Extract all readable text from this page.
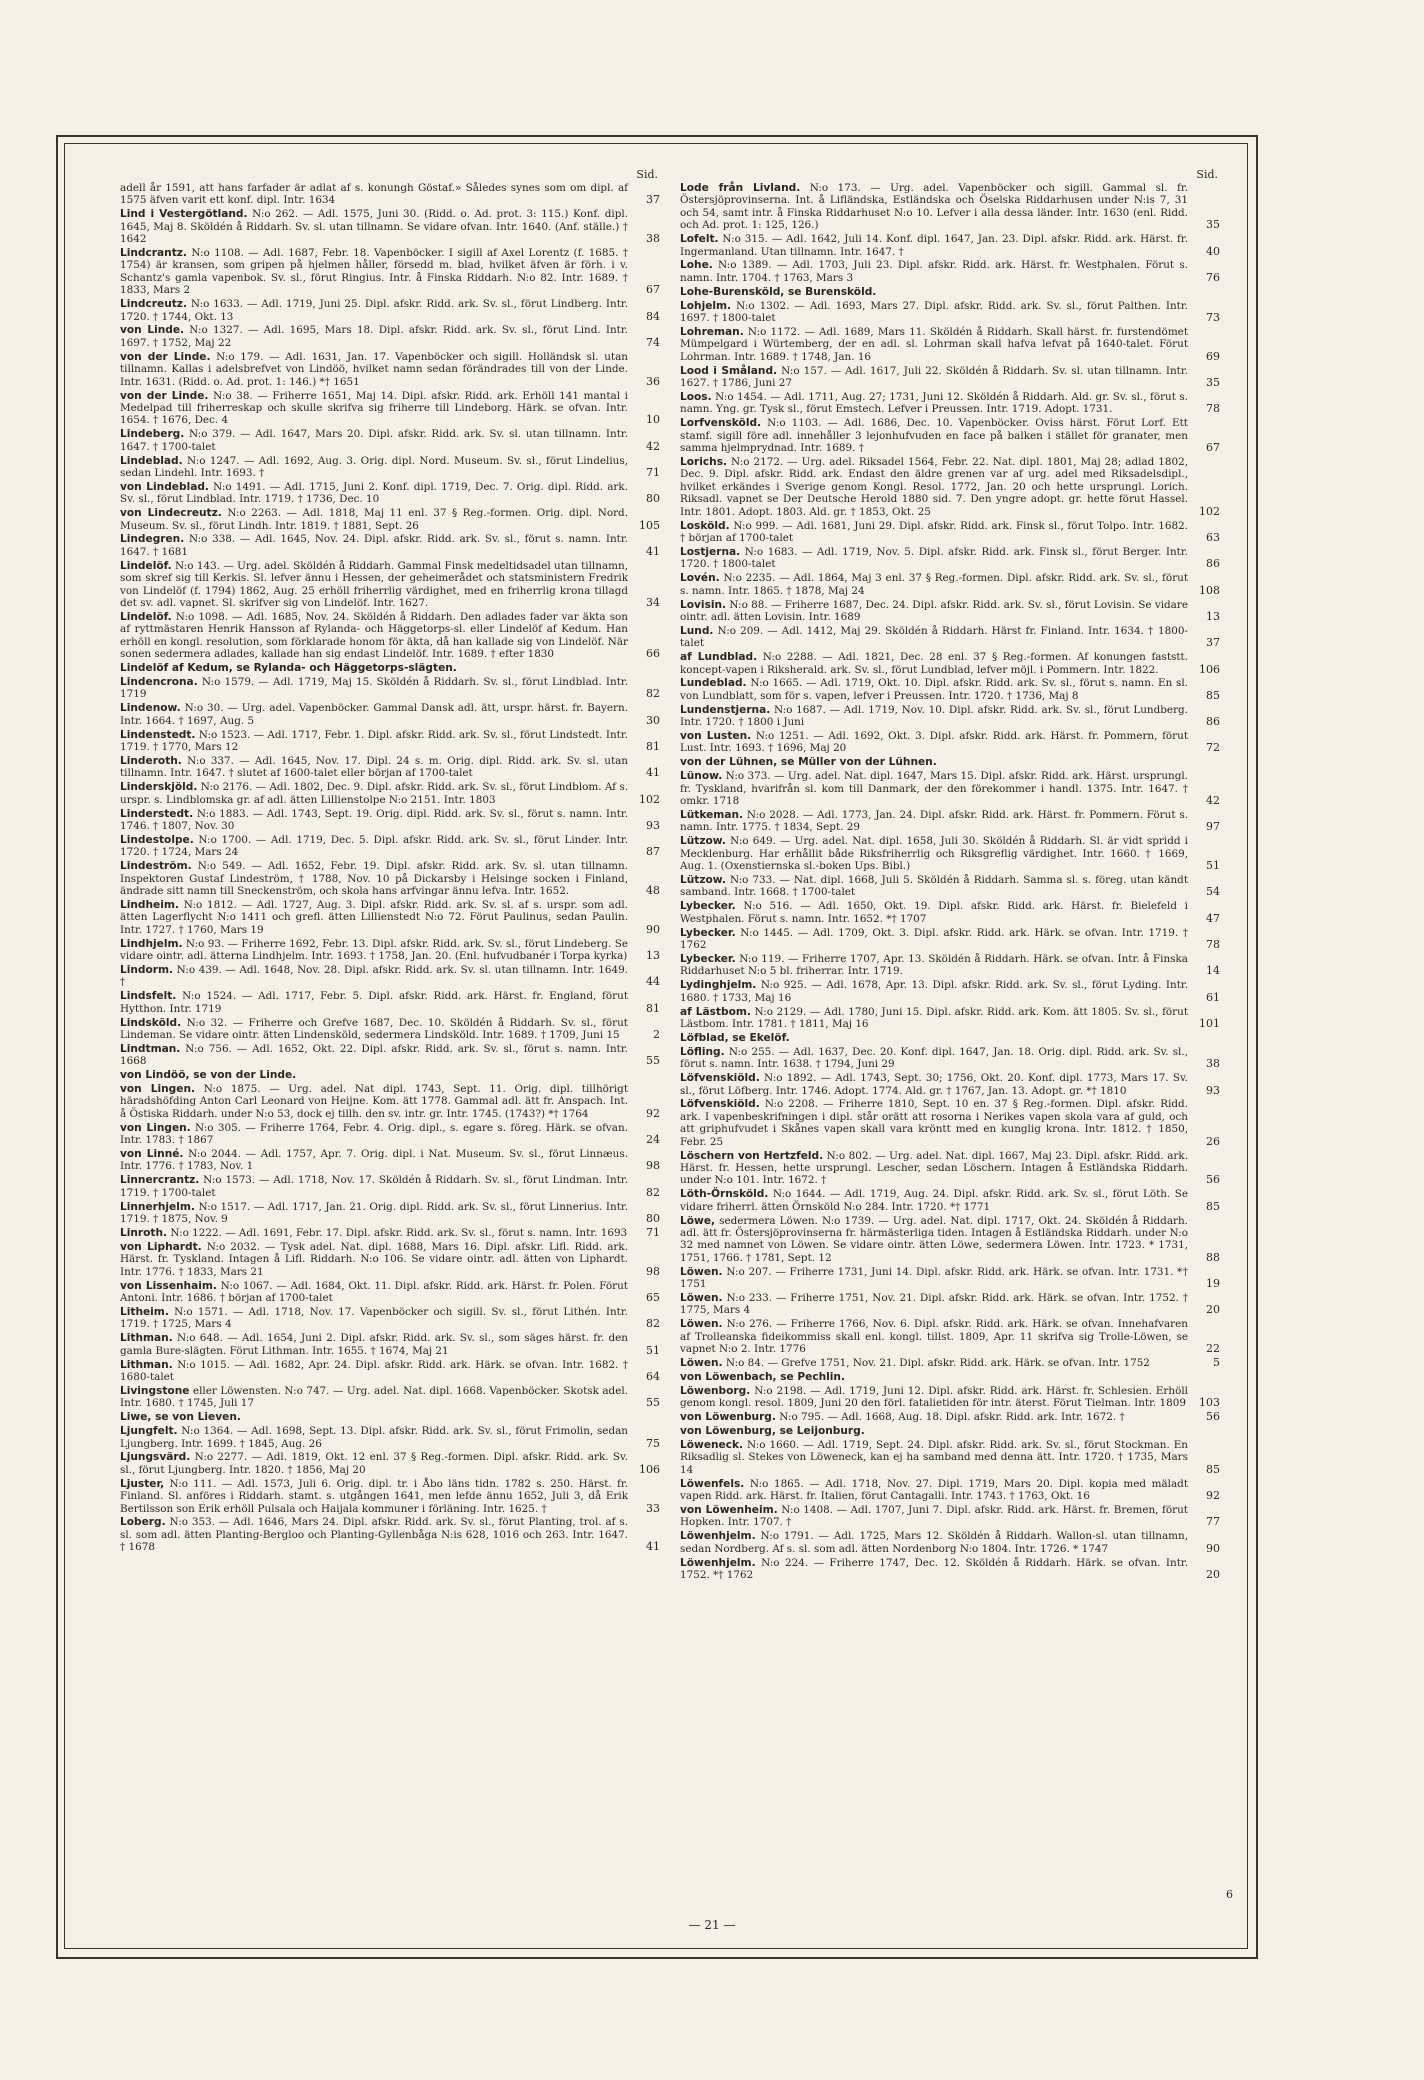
Sid.
adell år 1591, att hans farfader är adlat af s. konungh Göstaf.» Således synes som om dipl. af 1575 äfven varit ett konf. dipl. Intr. 1634	37
Lind i Vestergötland. N:o 262. — Adl. 1575, Juni 30. (Ridd. o. Ad. prot. 3: 115.) Konf. dipl. 1645, Maj 8. Sköldén å Riddarh. Sv. sl. utan tillnamn. Se vidare ofvan. Intr. 1640. (Anf. ställe.) † 1642	38
Lindcrantz. N:o 1108. — Adl. 1687, Febr. 18. Vapenböcker. I sigill af Axel Lorentz (f. 1685. † 1754) är kransen, som gripen på hjelmen håller, försedd m. blad, hvilket äfven är förh. i v. Schantz's gamla vapenbok. Sv. sl., förut Ringius. Intr. å Finska Riddarh. N:o 82. Intr. 1689. † 1833, Mars 2	67
Lindcreutz. N:o 1633. — Adl. 1719, Juni 25. Dipl. afskr. Ridd. ark. Sv. sl., förut Lindberg. Intr. 1720. † 1744, Okt. 13	84
von Linde. N:o 1327. — Adl. 1695, Mars 18. Dipl. afskr. Ridd. ark. Sv. sl., förut Lind. Intr. 1697. † 1752, Maj 22	74
von der Linde. N:o 179. — Adl. 1631, Jan. 17. Vapenböcker och sigill. Holländsk sl. utan tillnamn. Kallas i adelsbrefvet von Lindöö, hvilket namn sedan förändrades till von der Linde. Intr. 1631. (Ridd. o. Ad. prot. 1: 146.) *† 1651	36
von der Linde. N:o 38. — Friherre 1651, Maj 14. Dipl. afskr. Ridd. ark. Erhöll 141 mantal i Medelpad till friherreskap och skulle skrifva sig friherre till Lindeborg. Härk. se ofvan. Intr. 1654. † 1676, Dec. 4	10
Lindeberg. N:o 379. — Adl. 1647, Mars 20. Dipl. afskr. Ridd. ark. Sv. sl. utan tillnamn. Intr. 1647. † 1700-talet	42
Lindeblad. N:o 1247. — Adl. 1692, Aug. 3. Orig. dipl. Nord. Museum. Sv. sl., förut Lindelius, sedan Lindehl. Intr. 1693. †	71
von Lindeblad. N:o 1491. — Adl. 1715, Juni 2. Konf. dipl. 1719, Dec. 7. Orig. dipl. Ridd. ark. Sv. sl., förut Lindblad. Intr. 1719. † 1736, Dec. 10	80
von Lindecreutz. N:o 2263. — Adl. 1818, Maj 11 enl. 37 § Reg.-formen. Orig. dipl. Nord. Museum. Sv. sl., förut Lindh. Intr. 1819. † 1881, Sept. 26	105
Lindegren. N:o 338. — Adl. 1645, Nov. 24. Dipl. afskr. Ridd. ark. Sv. sl., förut s. namn. Intr. 1647. † 1681	41
Lindelöf. N:o 143. — Urg. adel. Sköldén å Riddarh. Gammal Finsk medeltidsadel utan tillnamn, som skref sig till Kerkis. Sl. lefver ännu i Hessen, der geheimerådet och statsministern Fredrik von Lindelöf (f. 1794) 1862, Aug. 25 erhöll friherrlig värdighet, med en friherrlig krona tillagd det sv. adl. vapnet. Sl. skrifver sig von Lindelöf. Intr. 1627.	34
Lindelöf. N:o 1098. — Adl. 1685, Nov. 24. Sköldén å Riddarh. Den adlades fader var äkta son af ryttmästaren Henrik Hansson af Rylanda- och Häggetorps-sl. eller Lindelöf af Kedum. Han erhöll en kongl. resolution, som förklarade honom för äkta, då han kallade sig von Lindelöf. När sonen sedermera adlades, kallade han sig endast Lindelöf. Intr. 1689. † efter 1830	66
Lindelöf af Kedum, se Rylanda- och Häggetorps-slägten.
Lindencrona. N:o 1579. — Adl. 1719, Maj 15. Sköldén å Riddarh. Sv. sl., förut Lindblad. Intr. 1719	82
Lindenow. N:o 30. — Urg. adel. Vapenböcker. Gammal Dansk adl. ätt, urspr. härst. fr. Bayern. Intr. 1664. † 1697, Aug. 5	30
Lindenstedt. N:o 1523. — Adl. 1717, Febr. 1. Dipl. afskr. Ridd. ark. Sv. sl., förut Lindstedt. Intr. 1719. † 1770, Mars 12	81
Linderoth. N:o 337. — Adl. 1645, Nov. 17. Dipl. 24 s. m. Orig. dipl. Ridd. ark. Sv. sl. utan tillnamn. Intr. 1647. † slutet af 1600-talet eller början af 1700-talet	41
Linderskjöld. N:o 2176. — Adl. 1802, Dec. 9. Dipl. afskr. Ridd. ark. Sv. sl., förut Lindblom. Af s. urspr. s. Lindblomska gr. af adl. ätten Lillienstolpe N:o 2151. Intr. 1803	102
Linderstedt. N:o 1883. — Adl. 1743, Sept. 19. Orig. dipl. Ridd. ark. Sv. sl., förut s. namn. Intr. 1746. † 1807, Nov. 30	93
Lindestolpe. N:o 1700. — Adl. 1719, Dec. 5. Dipl. afskr. Ridd. ark. Sv. sl., förut Linder. Intr. 1720. † 1724, Mars 24	87
Lindeström. N:o 549. — Adl. 1652, Febr. 19. Dipl. afskr. Ridd. ark. Sv. sl. utan tillnamn. Inspektoren Gustaf Lindeström, † 1788, Nov. 10 på Dickarsby i Helsinge socken i Finland, ändrade sitt namn till Sneckenström, och skola hans arfvingar ännu lefva. Intr. 1652.	48
Lindheim. N:o 1812. — Adl. 1727, Aug. 3. Dipl. afskr. Ridd. ark. Sv. sl. af s. urspr. som adl. ätten Lagerflycht N:o 1411 och grefl. ätten Lillienstedt N:o 72. Förut Paulinus, sedan Paulin. Intr. 1727. † 1760, Mars 19	90
Lindhjelm. N:o 93. — Friherre 1692, Febr. 13. Dipl. afskr. Ridd. ark. Sv. sl., förut Lindeberg. Se vidare ointr. adl. ätterna Lindhjelm. Intr. 1693. † 1758, Jan. 20. (Enl. hufvudbanér i Torpa kyrka)	13
Lindorm. N:o 439. — Adl. 1648, Nov. 28. Dipl. afskr. Ridd. ark. Sv. sl. utan tillnamn. Intr. 1649. †	44
Lindsfelt. N:o 1524. — Adl. 1717, Febr. 5. Dipl. afskr. Ridd. ark. Härst. fr. England, förut Hytthon. Intr. 1719	81
Lindsköld. N:o 32. — Friherre och Grefve 1687, Dec. 10. Sköldén å Riddarh. Sv. sl., förut Lindeman. Se vidare ointr. ätten Lindensköld, sedermera Lindsköld. Intr. 1689. † 1709, Juni 15	2
Lindtman. N:o 756. — Adl. 1652, Okt. 22. Dipl. afskr. Ridd. ark. Sv. sl., förut s. namn. Intr. 1668	55
von Lindöö, se von der Linde.
von Lingen. N:o 1875. — Urg. adel. Nat dipl. 1743, Sept. 11. Orig. dipl. tillhörigt häradshöfding Anton Carl Leonard von Heijne. Kom. ätt 1778. Gammal adl. ätt fr. Anspach. Int. å Östiska Riddarh. under N:o 53, dock ej tillh. den sv. intr. gr. Intr. 1745. (1743?) *† 1764	92
von Lingen. N:o 305. — Friherre 1764, Febr. 4. Orig. dipl., s. egare s. föreg. Härk. se ofvan. Intr. 1783. † 1867	24
von Linné. N:o 2044. — Adl. 1757, Apr. 7. Orig. dipl. i Nat. Museum. Sv. sl., förut Linnæus. Intr. 1776. † 1783, Nov. 1	98
Linnercrantz. N:o 1573. — Adl. 1718, Nov. 17. Sköldén å Riddarh. Sv. sl., förut Lindman. Intr. 1719. † 1700-talet	82
Linnerhjelm. N:o 1517. — Adl. 1717, Jan. 21. Orig. dipl. Ridd. ark. Sv. sl., förut Linnerius. Intr. 1719. † 1875, Nov. 9	80
Linroth. N:o 1222. — Adl. 1691, Febr. 17. Dipl. afskr. Ridd. ark. Sv. sl., förut s. namn. Intr. 1693	71
von Liphardt. N:o 2032. — Tysk adel. Nat. dipl. 1688, Mars 16. Dipl. afskr. Lifl. Ridd. ark. Härst. fr. Tyskland. Intagen å Lifl. Riddarh. N:o 106. Se vidare ointr. adl. ätten von Liphardt. Intr. 1776. † 1833, Mars 21	98
von Lissenhaim. N:o 1067. — Adl. 1684, Okt. 11. Dipl. afskr. Ridd. ark. Härst. fr. Polen. Förut Antoni. Intr. 1686. † början af 1700-talet	65
Litheim. N:o 1571. — Adl. 1718, Nov. 17. Vapenböcker och sigill. Sv. sl., förut Lithén. Intr. 1719. † 1725, Mars 4	82
Lithman. N:o 648. — Adl. 1654, Juni 2. Dipl. afskr. Ridd. ark. Sv. sl., som säges härst. fr. den gamla Bure-slägten. Förut Lithman. Intr. 1655. † 1674, Maj 21	51
Lithman. N:o 1015. — Adl. 1682, Apr. 24. Dipl. afskr. Ridd. ark. Härk. se ofvan. Intr. 1682. † 1680-talet	64
Livingstone eller Löwensten. N:o 747. — Urg. adel. Nat. dipl. 1668. Vapenböcker. Skotsk adel. Intr. 1680. † 1745, Juli 17	55
Liwe, se von Lieven.
Ljungfelt. N:o 1364. — Adl. 1698, Sept. 13. Dipl. afskr. Ridd. ark. Sv. sl., förut Frimolin, sedan Ljungberg. Intr. 1699. † 1845, Aug. 26	75
Ljungsvärd. N:o 2277. — Adl. 1819, Okt. 12 enl. 37 § Reg.-formen. Dipl. afskr. Ridd. ark. Sv. sl., förut Ljungberg. Intr. 1820. † 1856, Maj 20	106
Ljuster, N:o 111. — Adl. 1573, Juli 6. Orig. dipl. tr. i Åbo läns tidn. 1782 s. 250. Härst. fr. Finland. Sl. anföres i Riddarh. stamt. s. utgången 1641, men lefde ännu 1652, Juli 3, då Erik Bertilsson son Erik erhöll Pulsala och Haijala kommuner i förläning. Intr. 1625. †	33
Loberg. N:o 353. — Adl. 1646, Mars 24. Dipl. afskr. Ridd. ark. Sv. sl., förut Planting, trol. af s. sl. som adl. ätten Planting-Bergloo och Planting-Gyllenbåga N:is 628, 1016 och 263. Intr. 1647. † 1678	41
Sid.
Lode från Livland. N:o 173. — Urg. adel. Vapenböcker och sigill. Gammal sl. fr. Östersjöprovinserna. Int. å Lifländska, Estländska och Öselska Riddarhusen under N:is 7, 31 och 54, samt intr. å Finska Riddarhuset N:o 10. Lefver i alla dessa länder. Intr. 1630 (enl. Ridd. och Ad. prot. 1: 125, 126.)	35
Lofelt. N:o 315. — Adl. 1642, Juli 14. Konf. dipl. 1647, Jan. 23. Dipl. afskr. Ridd. ark. Härst. fr. Ingermanland. Utan tillnamn. Intr. 1647. †	40
Lohe. N:o 1389. — Adl. 1703, Juli 23. Dipl. afskr. Ridd. ark. Härst. fr. Westphalen. Förut s. namn. Intr. 1704. † 1763, Mars 3	76
Lohe-Burensköld, se Burensköld.
Lohjelm. N:o 1302. — Adl. 1693, Mars 27. Dipl. afskr. Ridd. ark. Sv. sl., förut Palthen. Intr. 1697. † 1800-talet	73
Lohreman. N:o 1172. — Adl. 1689, Mars 11. Sköldén å Riddarh. Skall härst. fr. furstendömet Mümpelgard i Würtemberg, der en adl. sl. Lohrman skall hafva lefvat på 1640-talet. Förut Lohrman. Intr. 1689. † 1748, Jan. 16	69
Lood i Småland. N:o 157. — Adl. 1617, Juli 22. Sköldén å Riddarh. Sv. sl. utan tillnamn. Intr. 1627. † 1786, Juni 27	35
Loos. N:o 1454. — Adl. 1711, Aug. 27; 1731, Juni 12. Sköldén å Riddarh. Ald. gr. Sv. sl., förut s. namn. Yng. gr. Tysk sl., förut Emstech. Lefver i Preussen. Intr. 1719. Adopt. 1731.	78
Lorfvensköld. N:o 1103. — Adl. 1686, Dec. 10. Vapenböcker. Oviss härst. Förut Lorf. Ett stamf. sigill före adl. innehåller 3 lejonhufvuden en face på balken i stället för granater, men samma hjelmprydnad. Intr. 1689. †	67
Lorichs. N:o 2172. — Urg. adel. Riksadel 1564, Febr. 22. Nat. dipl. 1801, Maj 28; adlad 1802, Dec. 9. Dipl. afskr. Ridd. ark. Endast den äldre grenen var af urg. adel med Riksadelsdipl., hvilket erkändes i Sverige genom Kongl. Resol. 1772, Jan. 20 och hette ursprungl. Lorich. Riksadl. vapnet se Der Deutsche Herold 1880 sid. 7. Den yngre adopt. gr. hette förut Hassel. Intr. 1801. Adopt. 1803. Ald. gr. † 1853, Okt. 25	102
Losköld. N:o 999. — Adl. 1681, Juni 29. Dipl. afskr. Ridd. ark. Finsk sl., förut Tolpo. Intr. 1682. † början af 1700-talet	63
Lostjerna. N:o 1683. — Adl. 1719, Nov. 5. Dipl. afskr. Ridd. ark. Finsk sl., förut Berger. Intr. 1720. † 1800-talet	86
Lovén. N:o 2235. — Adl. 1864, Maj 3 enl. 37 § Reg.-formen. Dipl. afskr. Ridd. ark. Sv. sl., förut s. namn. Intr. 1865. † 1878, Maj 24	108
Lovisin. N:o 88. — Friherre 1687, Dec. 24. Dipl. afskr. Ridd. ark. Sv. sl., förut Lovisin. Se vidare ointr. adl. ätten Lovisin. Intr. 1689	13
Lund. N:o 209. — Adl. 1412, Maj 29. Sköldén å Riddarh. Härst fr. Finland. Intr. 1634. † 1800-talet	37
af Lundblad. N:o 2288. — Adl. 1821, Dec. 28 enl. 37 § Reg.-formen. Af konungen faststt. koncept-vapen i Riksherald. ark. Sv. sl., förut Lundblad, lefver möjl. i Pommern. Intr. 1822.	106
Lundeblad. N:o 1665. — Adl. 1719, Okt. 10. Dipl. afskr. Ridd. ark. Sv. sl., förut s. namn. En sl. von Lundblatt, som för s. vapen, lefver i Preussen. Intr. 1720. † 1736, Maj 8	85
Lundenstjerna. N:o 1687. — Adl. 1719, Nov. 10. Dipl. afskr. Ridd. ark. Sv. sl., förut Lundberg. Intr. 1720. † 1800 i Juni	86
von Lusten. N:o 1251. — Adl. 1692, Okt. 3. Dipl. afskr. Ridd. ark. Härst. fr. Pommern, förut Lust. Intr. 1693. † 1696, Maj 20	72
von der Lühnen, se Müller von der Lühnen.
Lünow. N:o 373. — Urg. adel. Nat. dipl. 1647, Mars 15. Dipl. afskr. Ridd. ark. Härst. ursprungl. fr. Tyskland, hvarifrån sl. kom till Danmark, der den förekommer i handl. 1375. Intr. 1647. † omkr. 1718	42
Lütkeman. N:o 2028. — Adl. 1773, Jan. 24. Dipl. afskr. Ridd. ark. Härst. fr. Pommern. Förut s. namn. Intr. 1775. † 1834, Sept. 29	97
Lützow. N:o 649. — Urg. adel. Nat. dipl. 1658, Juli 30. Sköldén å Riddarh. Sl. är vidt spridd i Mecklenburg. Har erhållit både Riksfriherrlig och Riksgreflig värdighet. Intr. 1660. † 1669, Aug. 1. (Oxenstiernska sl.-boken Ups. Bibl.)	51
Lützow. N:o 733. — Nat. dipl. 1668, Juli 5. Sköldén å Riddarh. Samma sl. s. föreg. utan kändt samband. Intr. 1668. † 1700-talet	54
Lybecker. N:o 516. — Adl. 1650, Okt. 19. Dipl. afskr. Ridd. ark. Härst. fr. Bielefeld i Westphalen. Förut s. namn. Intr. 1652. *† 1707	47
Lybecker. N:o 1445. — Adl. 1709, Okt. 3. Dipl. afskr. Ridd. ark. Härk. se ofvan. Intr. 1719. † 1762	78
Lybecker. N:o 119. — Friherre 1707, Apr. 13. Sköldén å Riddarh. Härk. se ofvan. Intr. å Finska Riddarhuset N:o 5 bl. friherrar. Intr. 1719.	14
Lydinghjelm. N:o 925. — Adl. 1678, Apr. 13. Dipl. afskr. Ridd. ark. Sv. sl., förut Lyding. Intr. 1680. † 1733, Maj 16	61
af Lästbom. N:o 2129. — Adl. 1780, Juni 15. Dipl. afskr. Ridd. ark. Kom. ätt 1805. Sv. sl., förut Lästbom. Intr. 1781. † 1811, Maj 16	101
Löfblad, se Ekelöf.
Löfling. N:o 255. — Adl. 1637, Dec. 20. Konf. dipl. 1647, Jan. 18. Orig. dipl. Ridd. ark. Sv. sl., förut s. namn. Intr. 1638. † 1794, Juni 29	38
Löfvenskiöld. N:o 1892. — Adl. 1743, Sept. 30; 1756, Okt. 20. Konf. dipl. 1773, Mars 17. Sv. sl., förut Löfberg. Intr. 1746. Adopt. 1774. Ald. gr. † 1767, Jan. 13. Adopt. gr. *† 1810	93
Löfvenskiöld. N:o 2208. — Friherre 1810, Sept. 10 en. 37 § Reg.-formen. Dipl. afskr. Ridd. ark. I vapenbeskrifningen i dipl. står orätt att rosorna i Nerikes vapen skola vara af guld, och att griphufvudet i Skånes vapen skall vara kröntt med en kunglig krona. Intr. 1812. † 1850, Febr. 25	26
Löschern von Hertzfeld. N:o 802. — Urg. adel. Nat. dipl. 1667, Maj 23. Dipl. afskr. Ridd. ark. Härst. fr. Hessen, hette ursprungl. Lescher, sedan Löschern. Intagen å Estländska Riddarh. under N:o 101. Intr. 1672. †	56
Löth-Örnsköld. N:o 1644. — Adl. 1719, Aug. 24. Dipl. afskr. Ridd. ark. Sv. sl., förut Löth. Se vidare friherrl. ätten Örnsköld N:o 284. Intr. 1720. *† 1771	85
Löwe, sedermera Löwen. N:o 1739. — Urg. adel. Nat. dipl. 1717, Okt. 24. Sköldén å Riddarh. adl. ätt fr. Östersjöprovinserna fr. härmästerliga tiden. Intagen å Estländska Riddarh. under N:o 32 med namnet von Löwen. Se vidare ointr. ätten Löwe, sedermera Löwen. Intr. 1723. * 1731, 1751, 1766. † 1781, Sept. 12	88
Löwen. N:o 207. — Friherre 1731, Juni 14. Dipl. afskr. Ridd. ark. Härk. se ofvan. Intr. 1731. *† 1751	19
Löwen. N:o 233. — Friherre 1751, Nov. 21. Dipl. afskr. Ridd. ark. Härk. se ofvan. Intr. 1752. † 1775, Mars 4	20
Löwen. N:o 276. — Friherre 1766, Nov. 6. Dipl. afskr. Ridd. ark. Härk. se ofvan. Innehafvaren af Trolleanska fideikommiss skall enl. kongl. tillst. 1809, Apr. 11 skrifva sig Trolle-Löwen, se vapnet N:o 2. Intr. 1776	22
Löwen. N:o 84. — Grefve 1751, Nov. 21. Dipl. afskr. Ridd. ark. Härk. se ofvan. Intr. 1752	5
von Löwenbach, se Pechlin.
Löwenborg. N:o 2198. — Adl. 1719, Juni 12. Dipl. afskr. Ridd. ark. Härst. fr. Schlesien. Erhöll genom kongl. resol. 1809, Juni 20 den förl. fatalietiden för intr. äterst. Förut Tielman. Intr. 1809	103
von Löwenburg. N:o 795. — Adl. 1668, Aug. 18. Dipl. afskr. Ridd. ark. Intr. 1672. †	56
von Löwenburg, se Leijonburg.
Löweneck. N:o 1660. — Adl. 1719, Sept. 24. Dipl. afskr. Ridd. ark. Sv. sl., förut Stockman. En Riksadlig sl. Stekes von Löweneck, kan ej ha samband med denna ätt. Intr. 1720. † 1735, Mars 14	85
Löwenfels. N:o 1865. — Adl. 1718, Nov. 27. Dipl. 1719, Mars 20. Dipl. kopia med mäladt vapen Ridd. ark. Härst. fr. Italien, förut Cantagalli. Intr. 1743. † 1763, Okt. 16	92
von Löwenheim. N:o 1408. — Adl. 1707, Juni 7. Dipl. afskr. Ridd. ark. Härst. fr. Bremen, förut Hopken. Intr. 1707. †	77
Löwenhjelm. N:o 1791. — Adl. 1725, Mars 12. Sköldén å Riddarh. Wallon-sl. utan tillnamn, sedan Nordberg. Af s. sl. som adl. ätten Nordenborg N:o 1804. Intr. 1726. * 1747	90
Löwenhjelm. N:o 224. — Friherre 1747, Dec. 12. Sköldén å Riddarh. Härk. se ofvan. Intr. 1752. *† 1762	20
— 21 —
6
